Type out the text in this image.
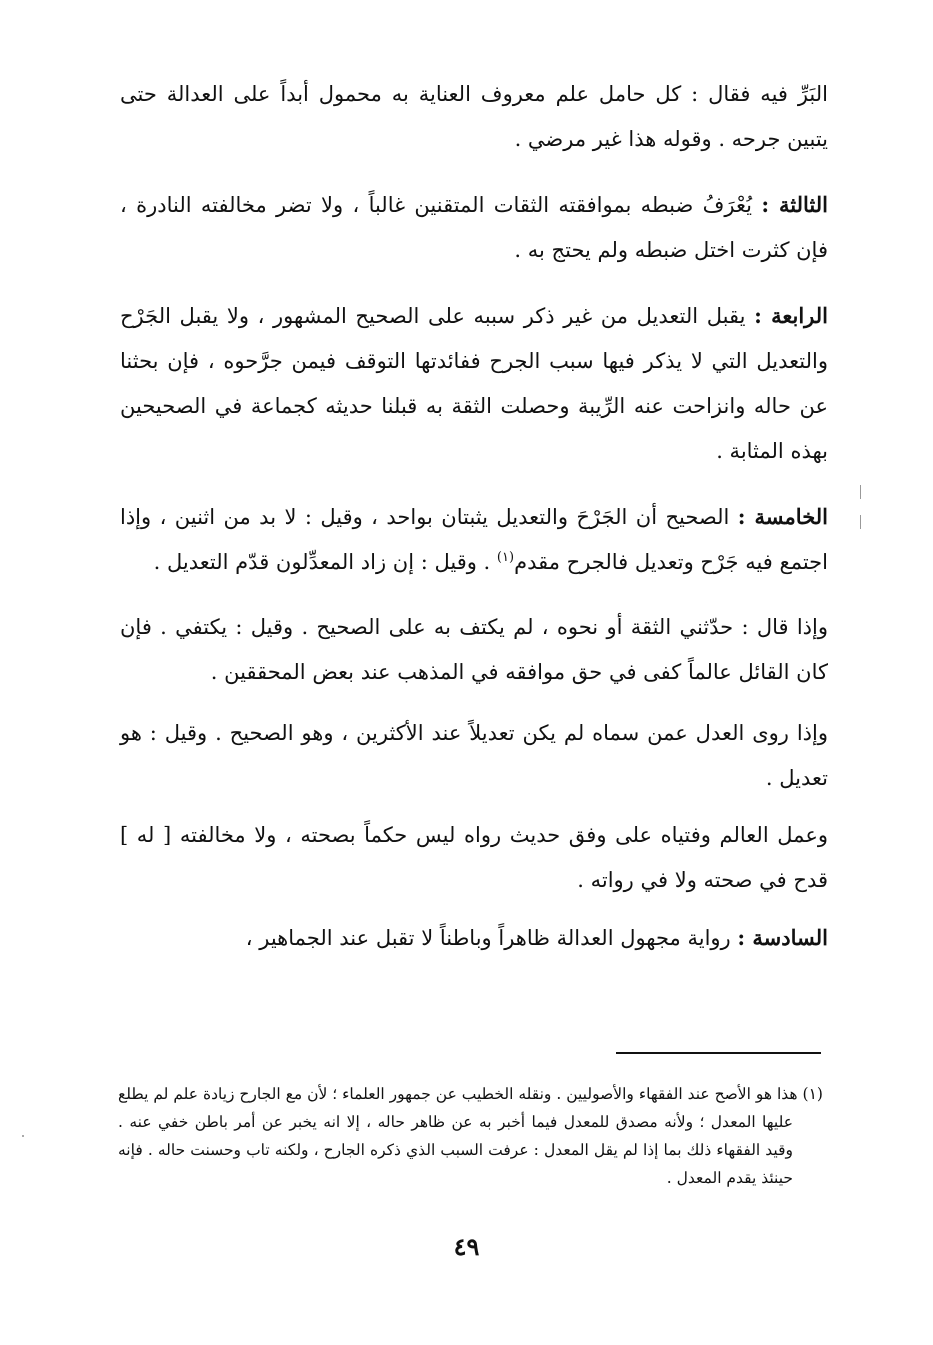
البَرِّ فيه فقال : كل حامل علم معروف العناية به محمول أبداً على العدالة حتى يتبين جرحه . وقوله هذا غير مرضي .

الثالثة : يُعْرَفُ ضبطه بموافقته الثقات المتقنين غالباً ، ولا تضر مخالفته النادرة ، فإن كثرت اختل ضبطه ولم يحتج به .

الرابعة : يقبل التعديل من غير ذكر سببه على الصحيح المشهور ، ولا يقبل الجَرْح والتعديل التي لا يذكر فيها سبب الجرح ففائدتها التوقف فيمن جرَّحوه ، فإن بحثنا عن حاله وانزاحت عنه الرِّيبة وحصلت الثقة به قبلنا حديثه كجماعة في الصحيحين بهذه المثابة .

الخامسة : الصحيح أن الجَرْحَ والتعديل يثبتان بواحد ، وقيل : لا بد من اثنين ، وإذا اجتمع فيه جَرْح وتعديل فالجرح مقدم$^{(١)}$ . وقيل : إن زاد المعدِّلون قدّم التعديل .

وإذا قال : حدّثني الثقة أو نحوه ، لم يكتف به على الصحيح . وقيل : يكتفي . فإن كان القائل عالماً كفى في حق موافقه في المذهب عند بعض المحققين .

وإذا روى العدل عمن سماه لم يكن تعديلاً عند الأكثرين ، وهو الصحيح . وقيل : هو تعديل .

وعمل العالم وفتياه على وفق حديث رواه ليس حكماً بصحته ، ولا مخالفته [ له ] قدح في صحته ولا في رواته .

السادسة : رواية مجهول العدالة ظاهراً وباطناً لا تقبل عند الجماهير ،

(١) هذا هو الأصح عند الفقهاء والأصوليين . ونقله الخطيب عن جمهور العلماء ؛ لأن مع الجارح زيادة علم لم يطلع عليها المعدل ؛ ولأنه مصدق للمعدل فيما أخبر به عن ظاهر حاله ، إلا انه يخبر عن أمر باطن خفي عنه . وقيد الفقهاء ذلك بما إذا لم يقل المعدل : عرفت السبب الذي ذكره الجارح ، ولكنه تاب وحسنت حاله . فإنه حينئذ يقدم المعدل .

٤٩
